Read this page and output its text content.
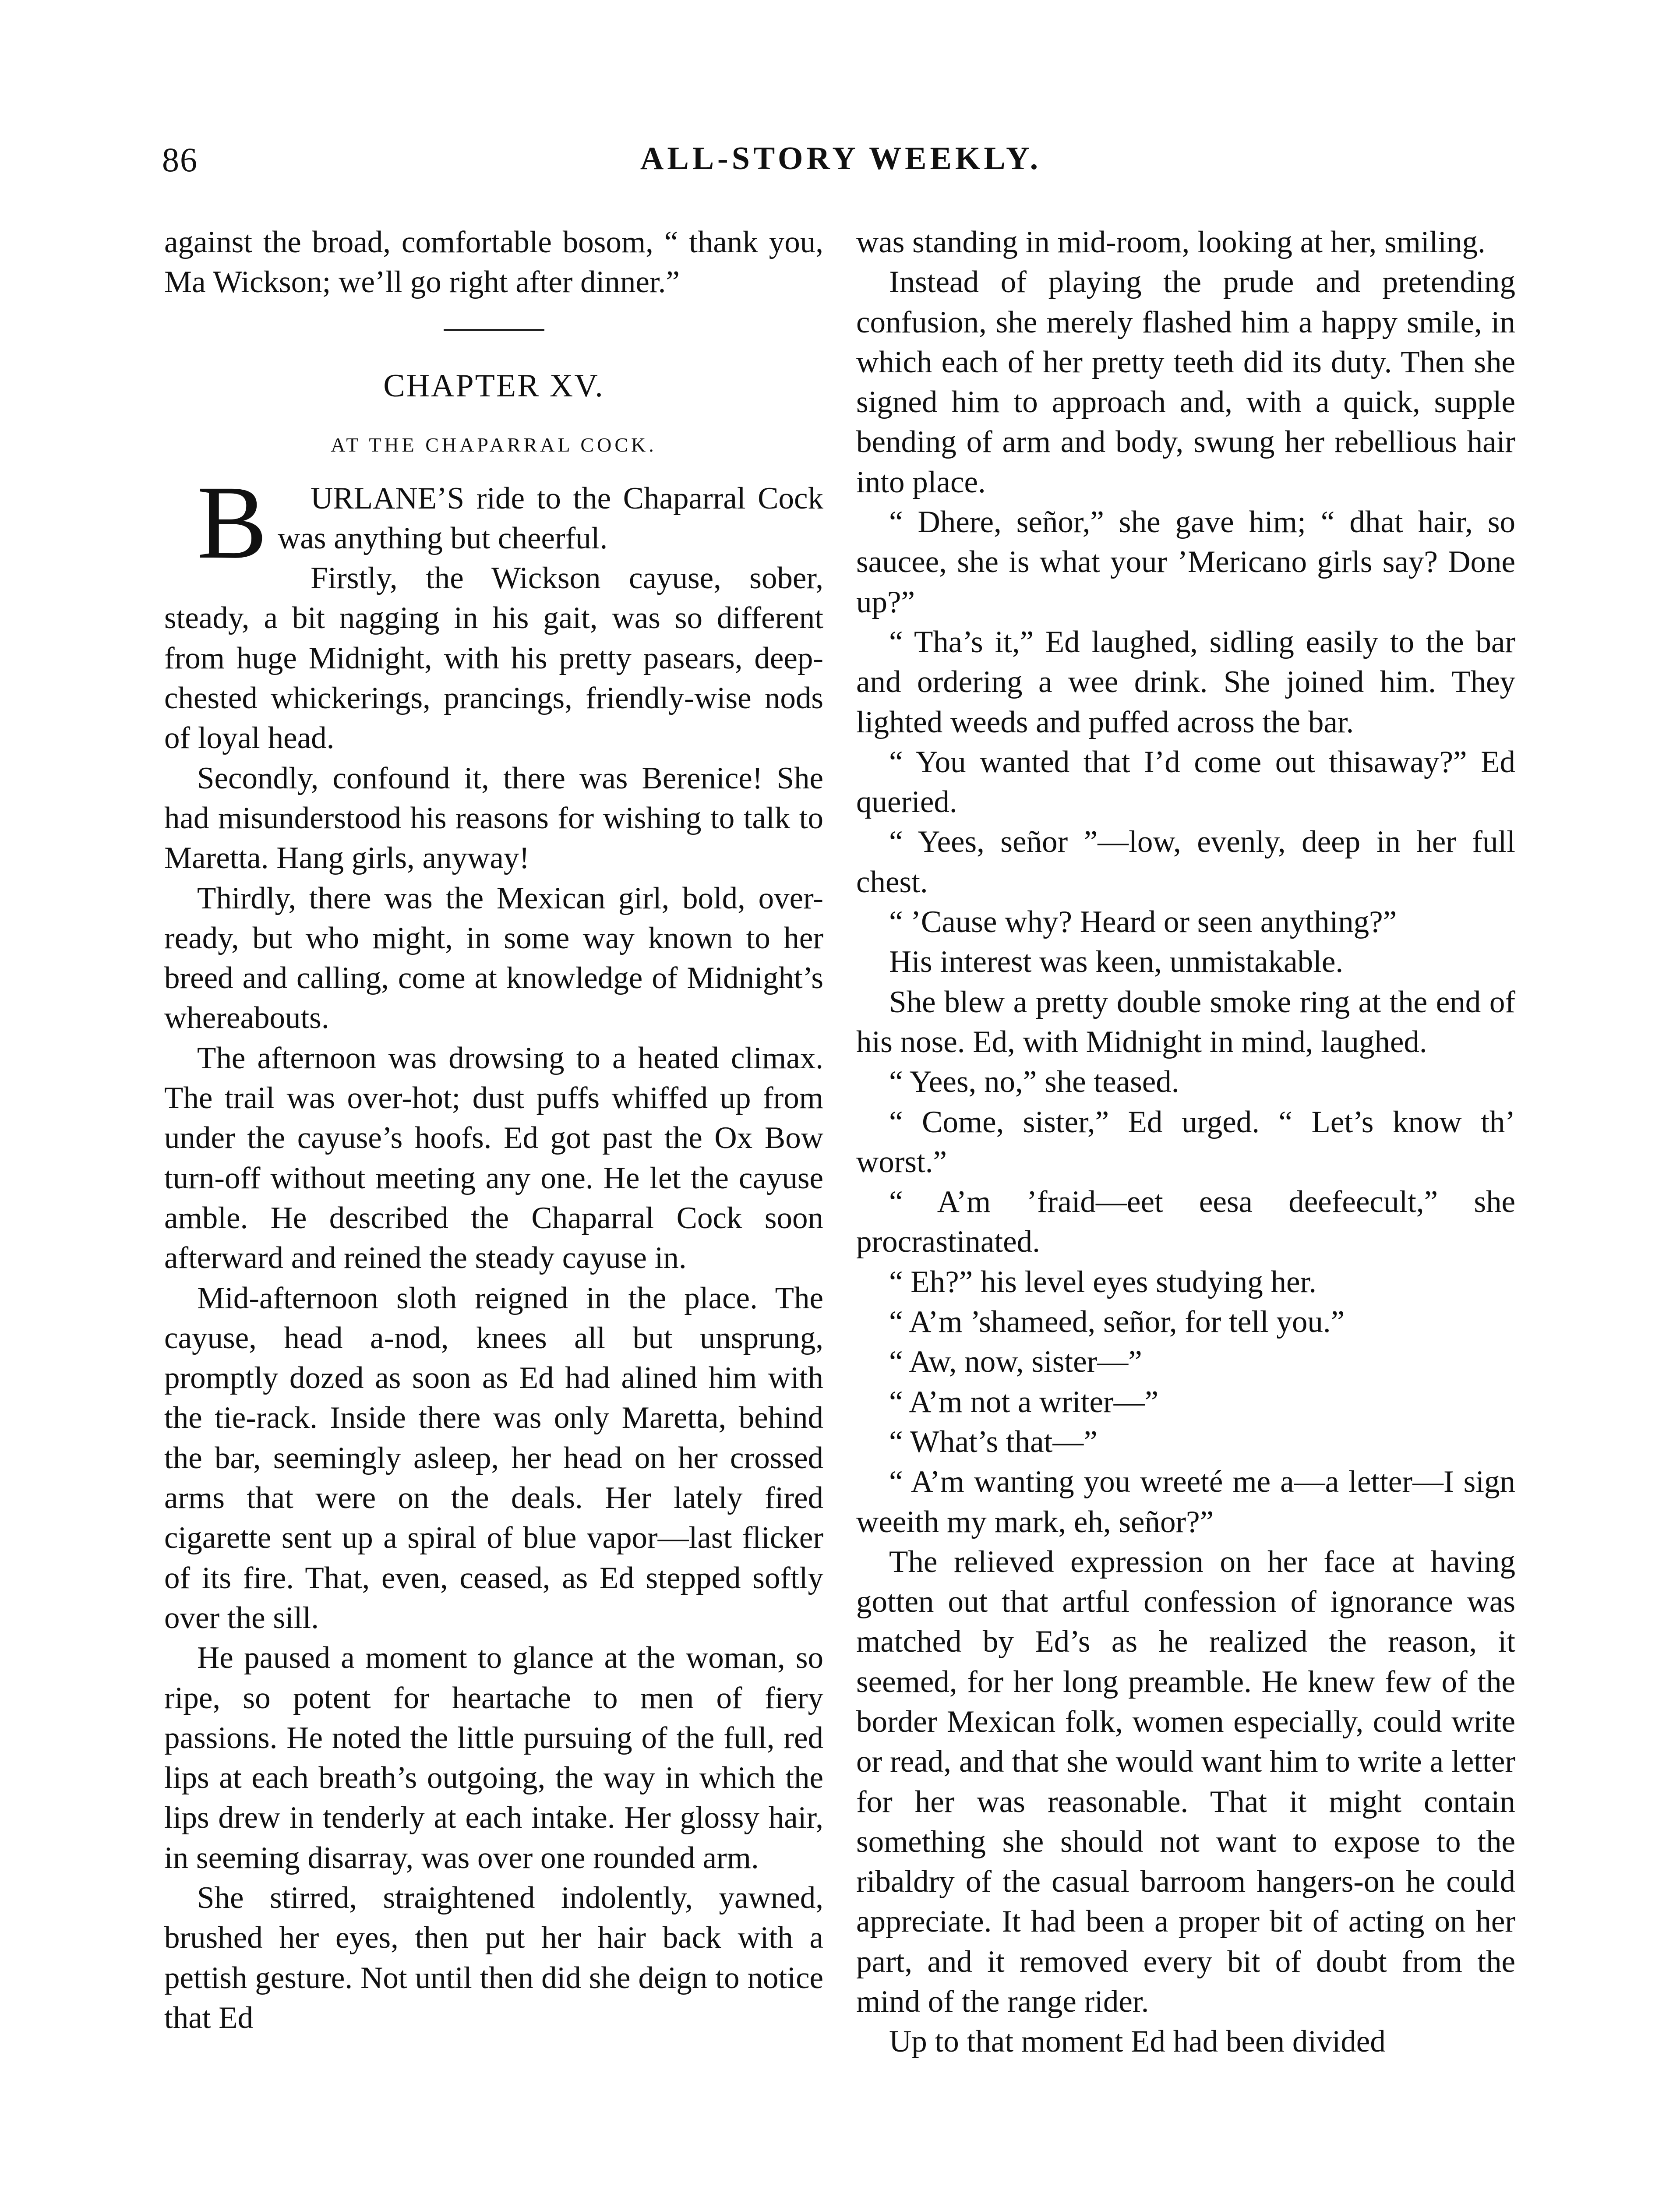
86	ALL-STORY WEEKLY.

against the broad, comfortable bosom, “ thank you, Ma Wickson; we’ll go right after dinner.”

CHAPTER XV.
AT THE CHAPARRAL COCK.

B URLANE’S ride to the Chaparral Cock was anything but cheerful.

Firstly, the Wickson cayuse, sober, steady, a bit nagging in his gait, was so different from huge Midnight, with his pretty pasears, deep-chested whickerings, prancings, friendly-wise nods of loyal head.

Secondly, confound it, there was Berenice! She had misunderstood his reasons for wishing to talk to Maretta. Hang girls, anyway!

Thirdly, there was the Mexican girl, bold, over-ready, but who might, in some way known to her breed and calling, come at knowledge of Midnight’s whereabouts.

The afternoon was drowsing to a heated climax. The trail was over-hot; dust puffs whiffed up from under the cayuse’s hoofs. Ed got past the Ox Bow turn-off without meeting any one. He let the cayuse amble. He described the Chaparral Cock soon afterward and reined the steady cayuse in.

Mid-afternoon sloth reigned in the place. The cayuse, head a-nod, knees all but unsprung, promptly dozed as soon as Ed had alined him with the tie-rack. Inside there was only Maretta, behind the bar, seemingly asleep, her head on her crossed arms that were on the deals. Her lately fired cigarette sent up a spiral of blue vapor—last flicker of its fire. That, even, ceased, as Ed stepped softly over the sill.

He paused a moment to glance at the woman, so ripe, so potent for heartache to men of fiery passions. He noted the little pursuing of the full, red lips at each breath’s outgoing, the way in which the lips drew in tenderly at each intake. Her glossy hair, in seeming disarray, was over one rounded arm.

She stirred, straightened indolently, yawned, brushed her eyes, then put her hair back with a pettish gesture. Not until then did she deign to notice that Ed

was standing in mid-room, looking at her, smiling.

Instead of playing the prude and pretending confusion, she merely flashed him a happy smile, in which each of her pretty teeth did its duty. Then she signed him to approach and, with a quick, supple bending of arm and body, swung her rebellious hair into place.

“ Dhere, señor,” she gave him; “ dhat hair, so saucee, she is what your ’Mericano girls say? Done up?”

“ Tha’s it,” Ed laughed, sidling easily to the bar and ordering a wee drink. She joined him. They lighted weeds and puffed across the bar.

“ You wanted that I’d come out thisaway?” Ed queried.

“ Yees, señor ”—low, evenly, deep in her full chest.

“ ’Cause why? Heard or seen anything?”

His interest was keen, unmistakable.

She blew a pretty double smoke ring at the end of his nose. Ed, with Midnight in mind, laughed.

“ Yees, no,” she teased.

“ Come, sister,” Ed urged. “ Let’s know th’ worst.”

“ A’m ’fraid—eet eesa deefeecult,” she procrastinated.

“ Eh?” his level eyes studying her.

“ A’m ’shameed, señor, for tell you.”

“ Aw, now, sister—”

“ A’m not a writer—”

“ What’s that—”

“ A’m wanting you wreeté me a—a letter—I sign weeith my mark, eh, señor?”

The relieved expression on her face at having gotten out that artful confession of ignorance was matched by Ed’s as he realized the reason, it seemed, for her long preamble. He knew few of the border Mexican folk, women especially, could write or read, and that she would want him to write a letter for her was reasonable. That it might contain something she should not want to expose to the ribaldry of the casual barroom hangers-on he could appreciate. It had been a proper bit of acting on her part, and it removed every bit of doubt from the mind of the range rider.

Up to that moment Ed had been divided
